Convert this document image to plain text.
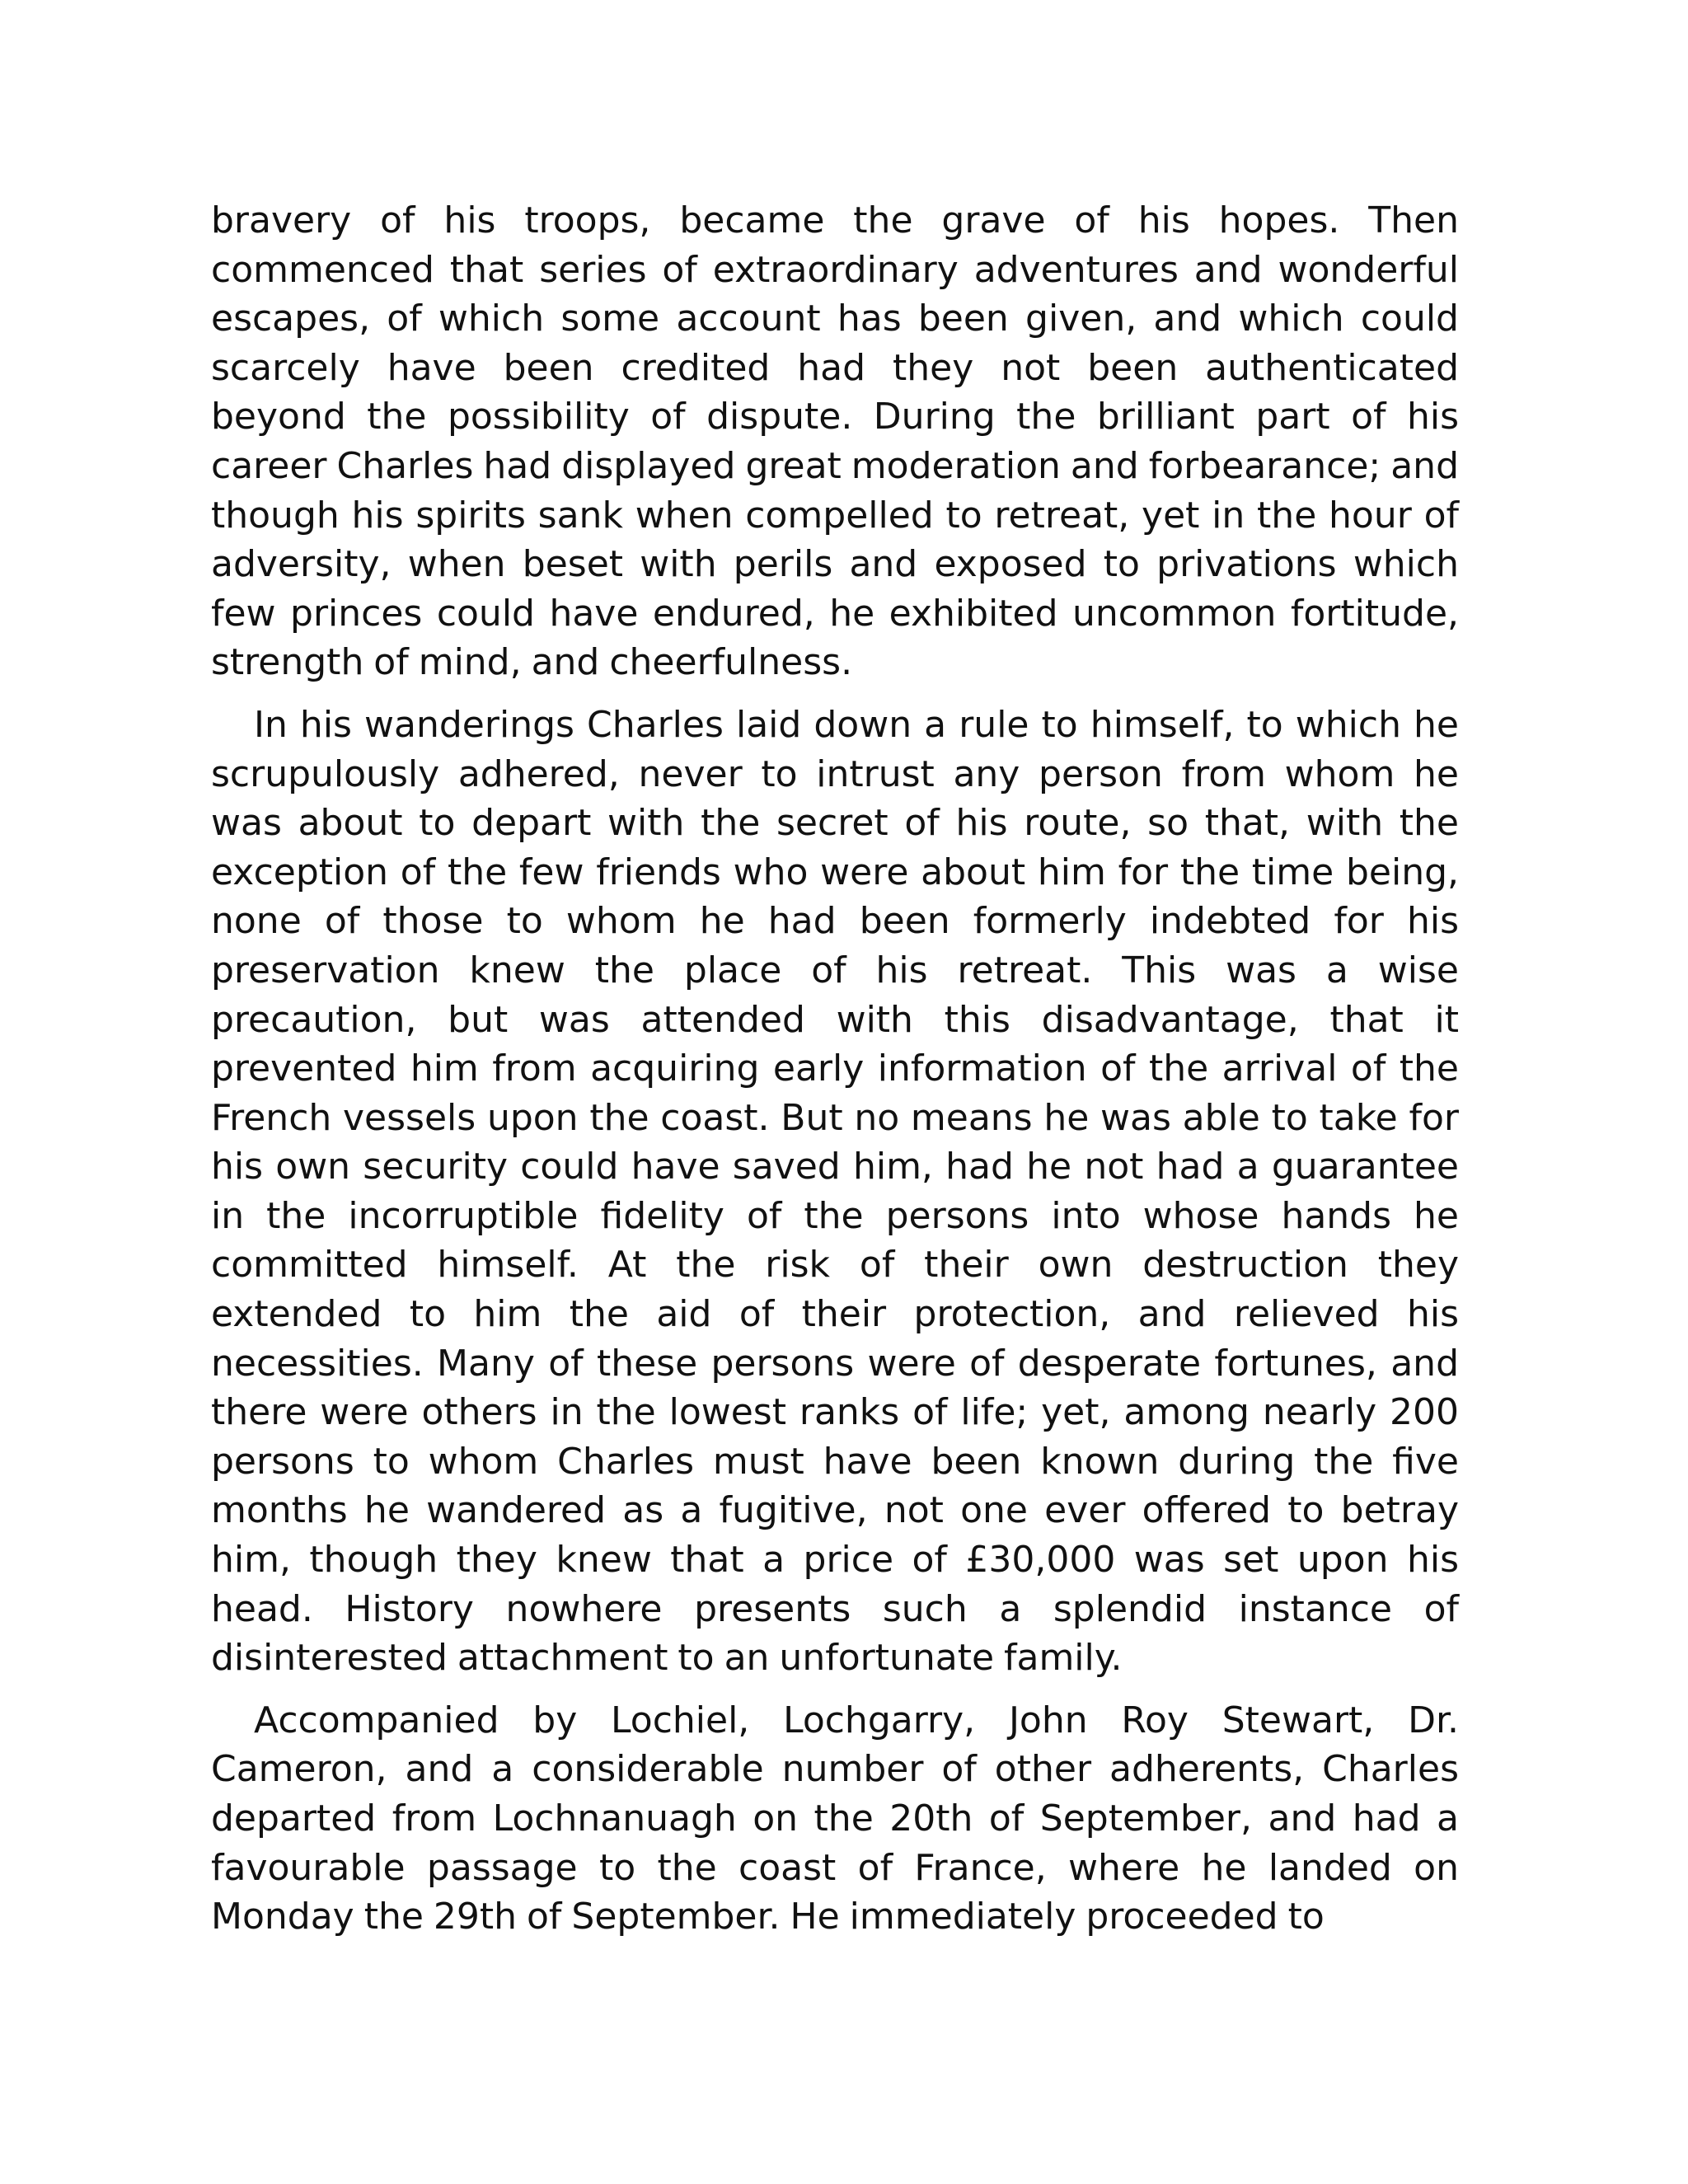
bravery of his troops, became the grave of his hopes. Then commenced that series of extraordinary adventures and wonderful escapes, of which some account has been given, and which could scarcely have been credited had they not been authenticated beyond the possibility of dispute. During the brilliant part of his career Charles had displayed great moderation and forbearance; and though his spirits sank when compelled to retreat, yet in the hour of adversity, when beset with perils and exposed to privations which few princes could have endured, he exhibited uncommon fortitude, strength of mind, and cheerfulness.

In his wanderings Charles laid down a rule to himself, to which he scrupulously adhered, never to intrust any person from whom he was about to depart with the secret of his route, so that, with the exception of the few friends who were about him for the time being, none of those to whom he had been formerly indebted for his preservation knew the place of his retreat. This was a wise precaution, but was attended with this disadvantage, that it prevented him from acquiring early information of the arrival of the French vessels upon the coast. But no means he was able to take for his own security could have saved him, had he not had a guarantee in the incorruptible fidelity of the persons into whose hands he committed himself. At the risk of their own destruction they extended to him the aid of their protection, and relieved his necessities. Many of these persons were of desperate fortunes, and there were others in the lowest ranks of life; yet, among nearly 200 persons to whom Charles must have been known during the five months he wandered as a fugitive, not one ever offered to betray him, though they knew that a price of £30,000 was set upon his head. History nowhere presents such a splendid instance of disinterested attachment to an unfortunate family.

Accompanied by Lochiel, Lochgarry, John Roy Stewart, Dr. Cameron, and a considerable number of other adherents, Charles departed from Lochnanuagh on the 20th of September, and had a favourable passage to the coast of France, where he landed on Monday the 29th of September. He immediately proceeded to
